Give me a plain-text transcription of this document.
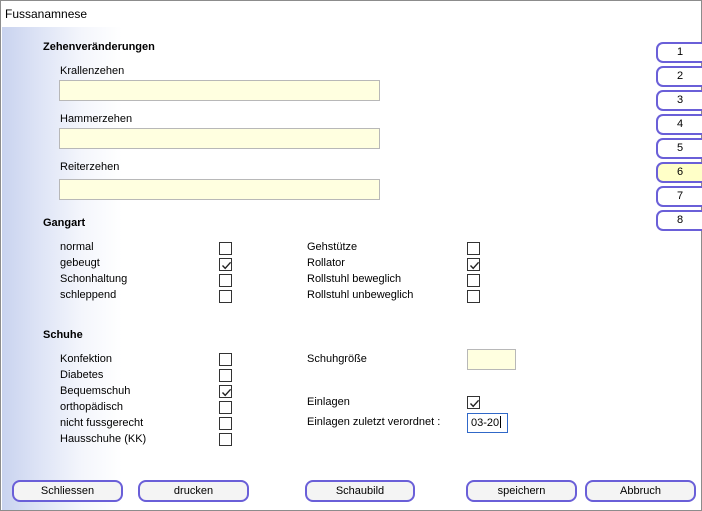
Fussanamnese
Zehenveränderungen
Krallenzehen
Hammerzehen
Reiterzehen
Gangart
normal
gebeugt
Schonhaltung
schleppend
Gehstütze
Rollator
Rollstuhl beweglich
Rollstuhl unbeweglich
Schuhe
Konfektion
Diabetes
Bequemschuh
orthopädisch
nicht fussgerecht
Hausschuhe (KK)
Schuhgröße
Einlagen
Einlagen zuletzt verordnet :	03-20
1
2
3
4
5
6
7
8
Schliessen	drucken	Schaubild	speichern	Abbruch
